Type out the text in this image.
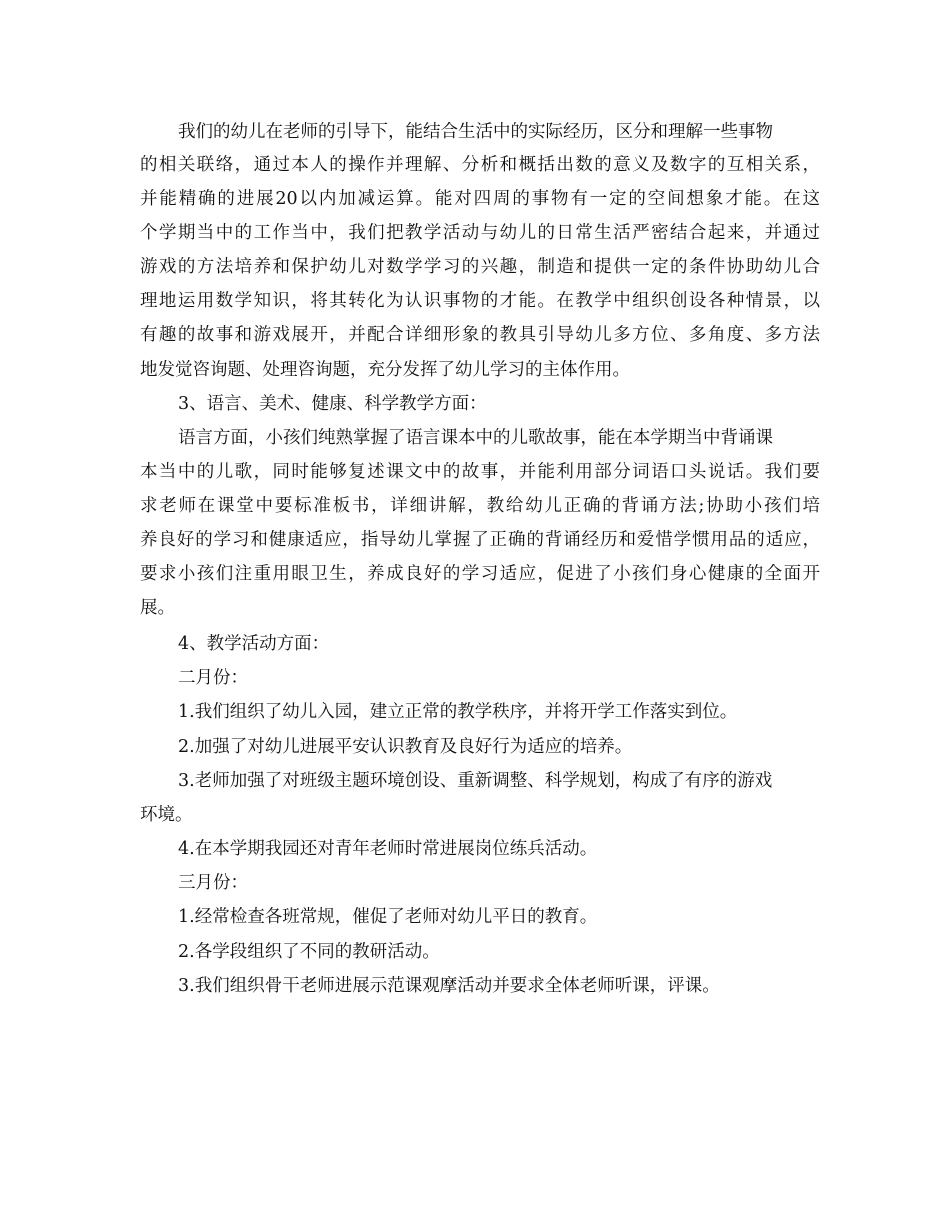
我们的幼儿在老师的引导下，能结合生活中的实际经历，区分和理解一些事物
的相关联络，通过本人的操作并理解、分析和概括出数的意义及数字的互相关系，
并能精确的进展20以内加减运算。能对四周的事物有一定的空间想象才能。在这
个学期当中的工作当中，我们把教学活动与幼儿的日常生活严密结合起来，并通过
游戏的方法培养和保护幼儿对数学学习的兴趣，制造和提供一定的条件协助幼儿合
理地运用数学知识，将其转化为认识事物的才能。在教学中组织创设各种情景，以
有趣的故事和游戏展开，并配合详细形象的教具引导幼儿多方位、多角度、多方法
地发觉咨询题、处理咨询题，充分发挥了幼儿学习的主体作用。
3、语言、美术、健康、科学教学方面：
语言方面，小孩们纯熟掌握了语言课本中的儿歌故事，能在本学期当中背诵课
本当中的儿歌，同时能够复述课文中的故事，并能利用部分词语口头说话。我们要
求老师在课堂中要标准板书，详细讲解，教给幼儿正确的背诵方法;协助小孩们培
养良好的学习和健康适应，指导幼儿掌握了正确的背诵经历和爱惜学惯用品的适应，
要求小孩们注重用眼卫生，养成良好的学习适应，促进了小孩们身心健康的全面开
展。
4、教学活动方面：
二月份：
1.我们组织了幼儿入园，建立正常的教学秩序，并将开学工作落实到位。
2.加强了对幼儿进展平安认识教育及良好行为适应的培养。
3.老师加强了对班级主题环境创设、重新调整、科学规划，构成了有序的游戏
环境。
4.在本学期我园还对青年老师时常进展岗位练兵活动。
三月份：
1.经常检查各班常规，催促了老师对幼儿平日的教育。
2.各学段组织了不同的教研活动。
3.我们组织骨干老师进展示范课观摩活动并要求全体老师听课，评课。
